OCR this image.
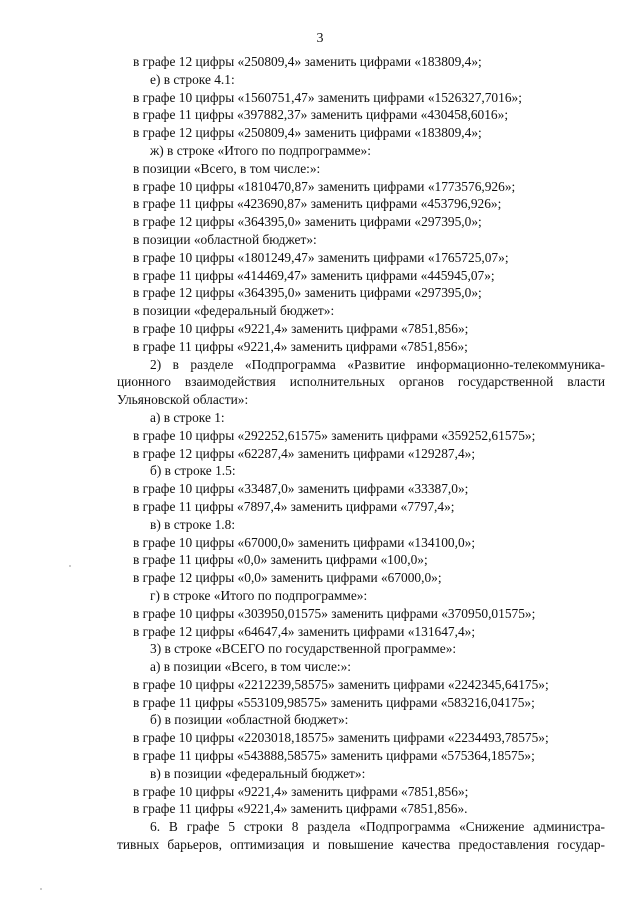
3
в графе 12 цифры «250809,4» заменить цифрами «183809,4»;
е) в строке 4.1:
в графе 10 цифры «1560751,47» заменить цифрами «1526327,7016»;
в графе 11 цифры «397882,37» заменить цифрами «430458,6016»;
в графе 12 цифры «250809,4» заменить цифрами «183809,4»;
ж) в строке «Итого по подпрограмме»:
в позиции «Всего, в том числе:»:
в графе 10 цифры «1810470,87» заменить цифрами «1773576,926»;
в графе 11 цифры «423690,87» заменить цифрами «453796,926»;
в графе 12 цифры «364395,0» заменить цифрами «297395,0»;
в позиции «областной бюджет»:
в графе 10 цифры «1801249,47» заменить цифрами «1765725,07»;
в графе 11 цифры «414469,47» заменить цифрами «445945,07»;
в графе 12 цифры «364395,0» заменить цифрами «297395,0»;
в позиции «федеральный бюджет»:
в графе 10 цифры «9221,4» заменить цифрами «7851,856»;
в графе 11 цифры «9221,4» заменить цифрами «7851,856»;
2) в разделе «Подпрограмма «Развитие информационно-телекоммуника-
ционного взаимодействия исполнительных органов государственной власти
Ульяновской области»:
а) в строке 1:
в графе 10 цифры «292252,61575» заменить цифрами «359252,61575»;
в графе 12 цифры «62287,4» заменить цифрами «129287,4»;
б) в строке 1.5:
в графе 10 цифры «33487,0» заменить цифрами «33387,0»;
в графе 11 цифры «7897,4» заменить цифрами «7797,4»;
в) в строке 1.8:
в графе 10 цифры «67000,0» заменить цифрами «134100,0»;
в графе 11 цифры «0,0» заменить цифрами «100,0»;
в графе 12 цифры «0,0» заменить цифрами «67000,0»;
г) в строке «Итого по подпрограмме»:
в графе 10 цифры «303950,01575» заменить цифрами «370950,01575»;
в графе 12 цифры «64647,4» заменить цифрами «131647,4»;
3) в строке «ВСЕГО по государственной программе»:
а) в позиции «Всего, в том числе:»:
в графе 10 цифры «2212239,58575» заменить цифрами «2242345,64175»;
в графе 11 цифры «553109,98575» заменить цифрами «583216,04175»;
б) в позиции «областной бюджет»:
в графе 10 цифры «2203018,18575» заменить цифрами «2234493,78575»;
в графе 11 цифры «543888,58575» заменить цифрами «575364,18575»;
в) в позиции «федеральный бюджет»:
в графе 10 цифры «9221,4» заменить цифрами «7851,856»;
в графе 11 цифры «9221,4» заменить цифрами «7851,856».
6. В графе 5 строки 8 раздела «Подпрограмма «Снижение администра-
тивных барьеров, оптимизация и повышение качества предоставления государ-
